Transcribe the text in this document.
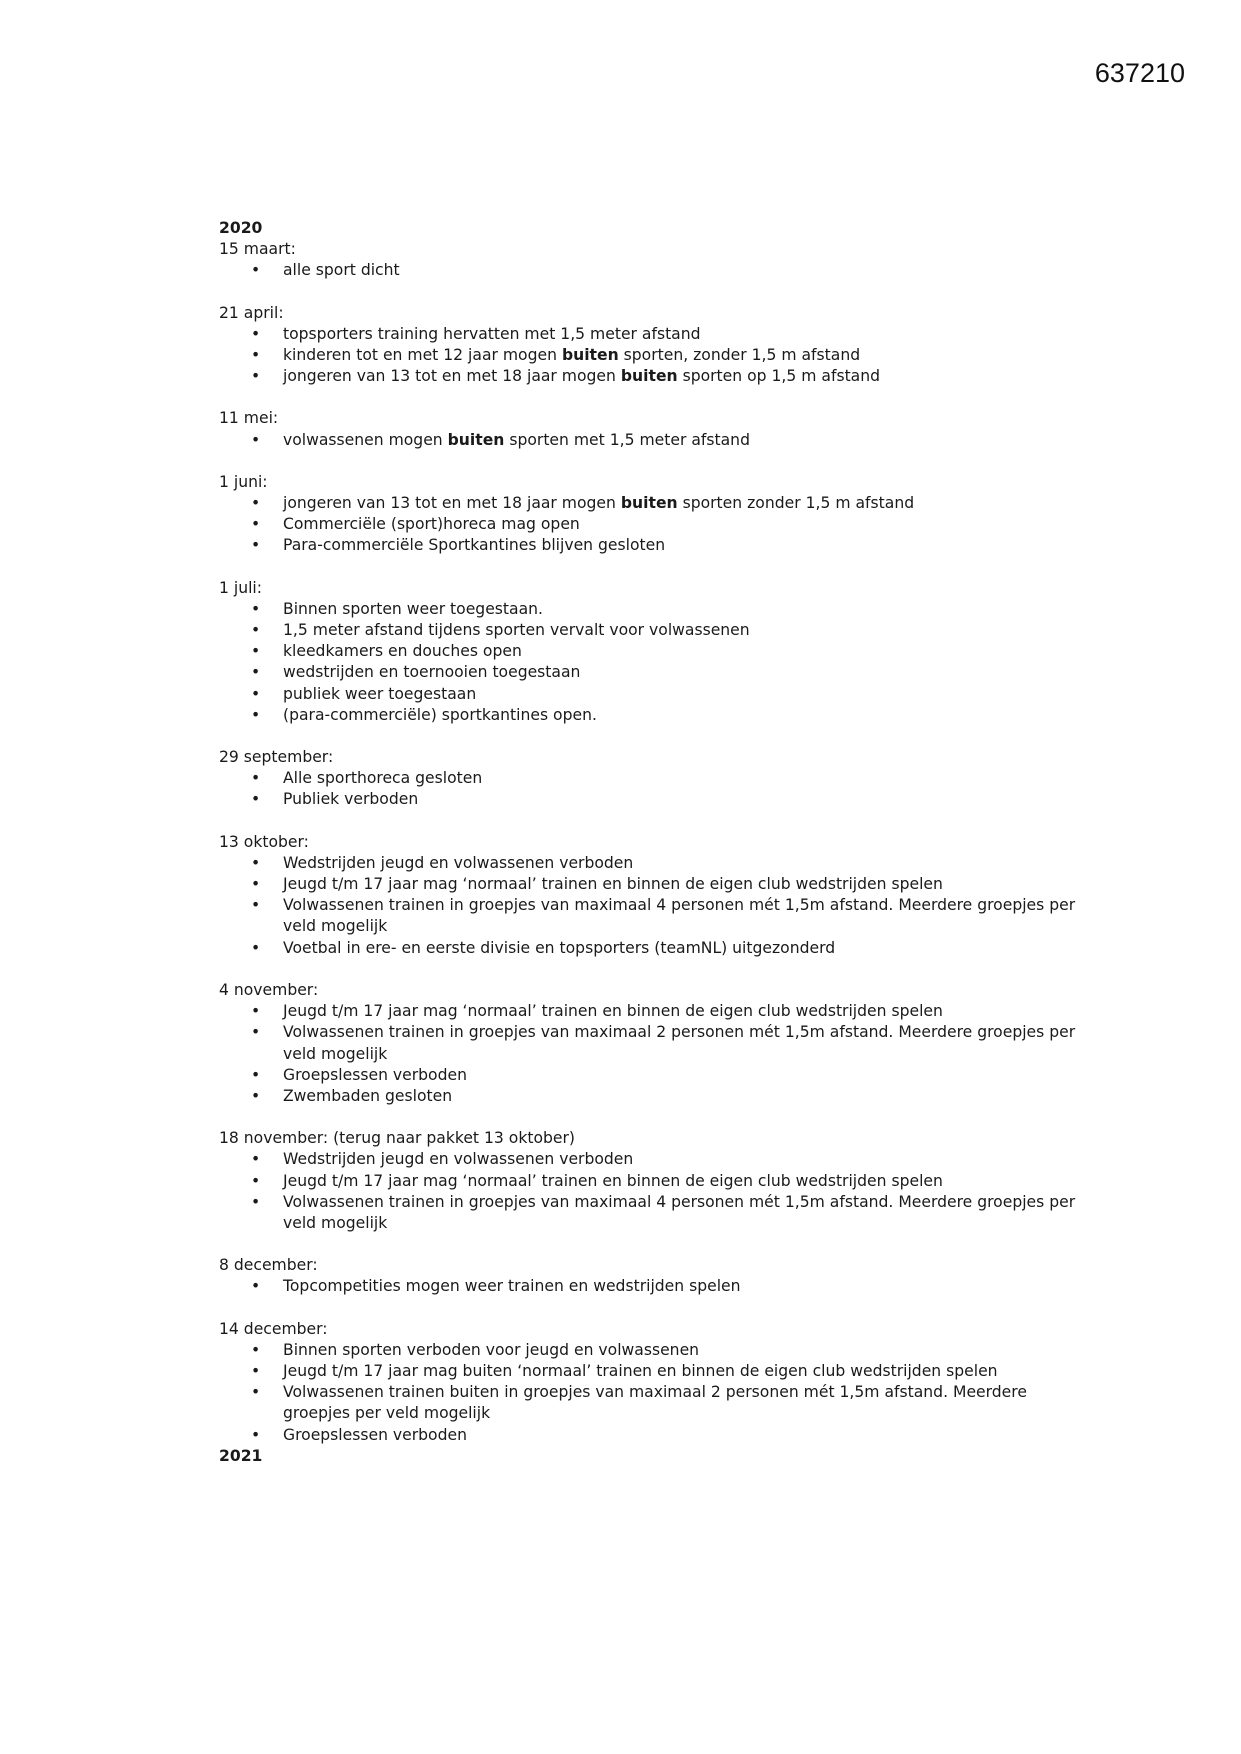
637210
2020
15 maart:
• alle sport dicht
21 april:
• topsporters training hervatten met 1,5 meter afstand
• kinderen tot en met 12 jaar mogen buiten sporten, zonder 1,5 m afstand
• jongeren van 13 tot en met 18 jaar mogen buiten sporten op 1,5 m afstand
11 mei:
• volwassenen mogen buiten sporten met 1,5 meter afstand
1 juni:
• jongeren van 13 tot en met 18 jaar mogen buiten sporten zonder 1,5 m afstand
• Commerciële (sport)horeca mag open
• Para-commerciële Sportkantines blijven gesloten
1 juli:
• Binnen sporten weer toegestaan.
• 1,5 meter afstand tijdens sporten vervalt voor volwassenen
• kleedkamers en douches open
• wedstrijden en toernooien toegestaan
• publiek weer toegestaan
• (para-commerciële) sportkantines open.
29 september:
• Alle sporthoreca gesloten
• Publiek verboden
13 oktober:
• Wedstrijden jeugd en volwassenen verboden
• Jeugd t/m 17 jaar mag ‘normaal’ trainen en binnen de eigen club wedstrijden spelen
• Volwassenen trainen in groepjes van maximaal 4 personen mét 1,5m afstand. Meerdere groepjes per veld mogelijk
• Voetbal in ere- en eerste divisie en topsporters (teamNL) uitgezonderd
4 november:
• Jeugd t/m 17 jaar mag ‘normaal’ trainen en binnen de eigen club wedstrijden spelen
• Volwassenen trainen in groepjes van maximaal 2 personen mét 1,5m afstand. Meerdere groepjes per veld mogelijk
• Groepslessen verboden
• Zwembaden gesloten
18 november: (terug naar pakket 13 oktober)
• Wedstrijden jeugd en volwassenen verboden
• Jeugd t/m 17 jaar mag ‘normaal’ trainen en binnen de eigen club wedstrijden spelen
• Volwassenen trainen in groepjes van maximaal 4 personen mét 1,5m afstand. Meerdere groepjes per veld mogelijk
8 december:
• Topcompetities mogen weer trainen en wedstrijden spelen
14 december:
• Binnen sporten verboden voor jeugd en volwassenen
• Jeugd t/m 17 jaar mag buiten ‘normaal’ trainen en binnen de eigen club wedstrijden spelen
• Volwassenen trainen buiten in groepjes van maximaal 2 personen mét 1,5m afstand. Meerdere groepjes per veld mogelijk
• Groepslessen verboden
2021
